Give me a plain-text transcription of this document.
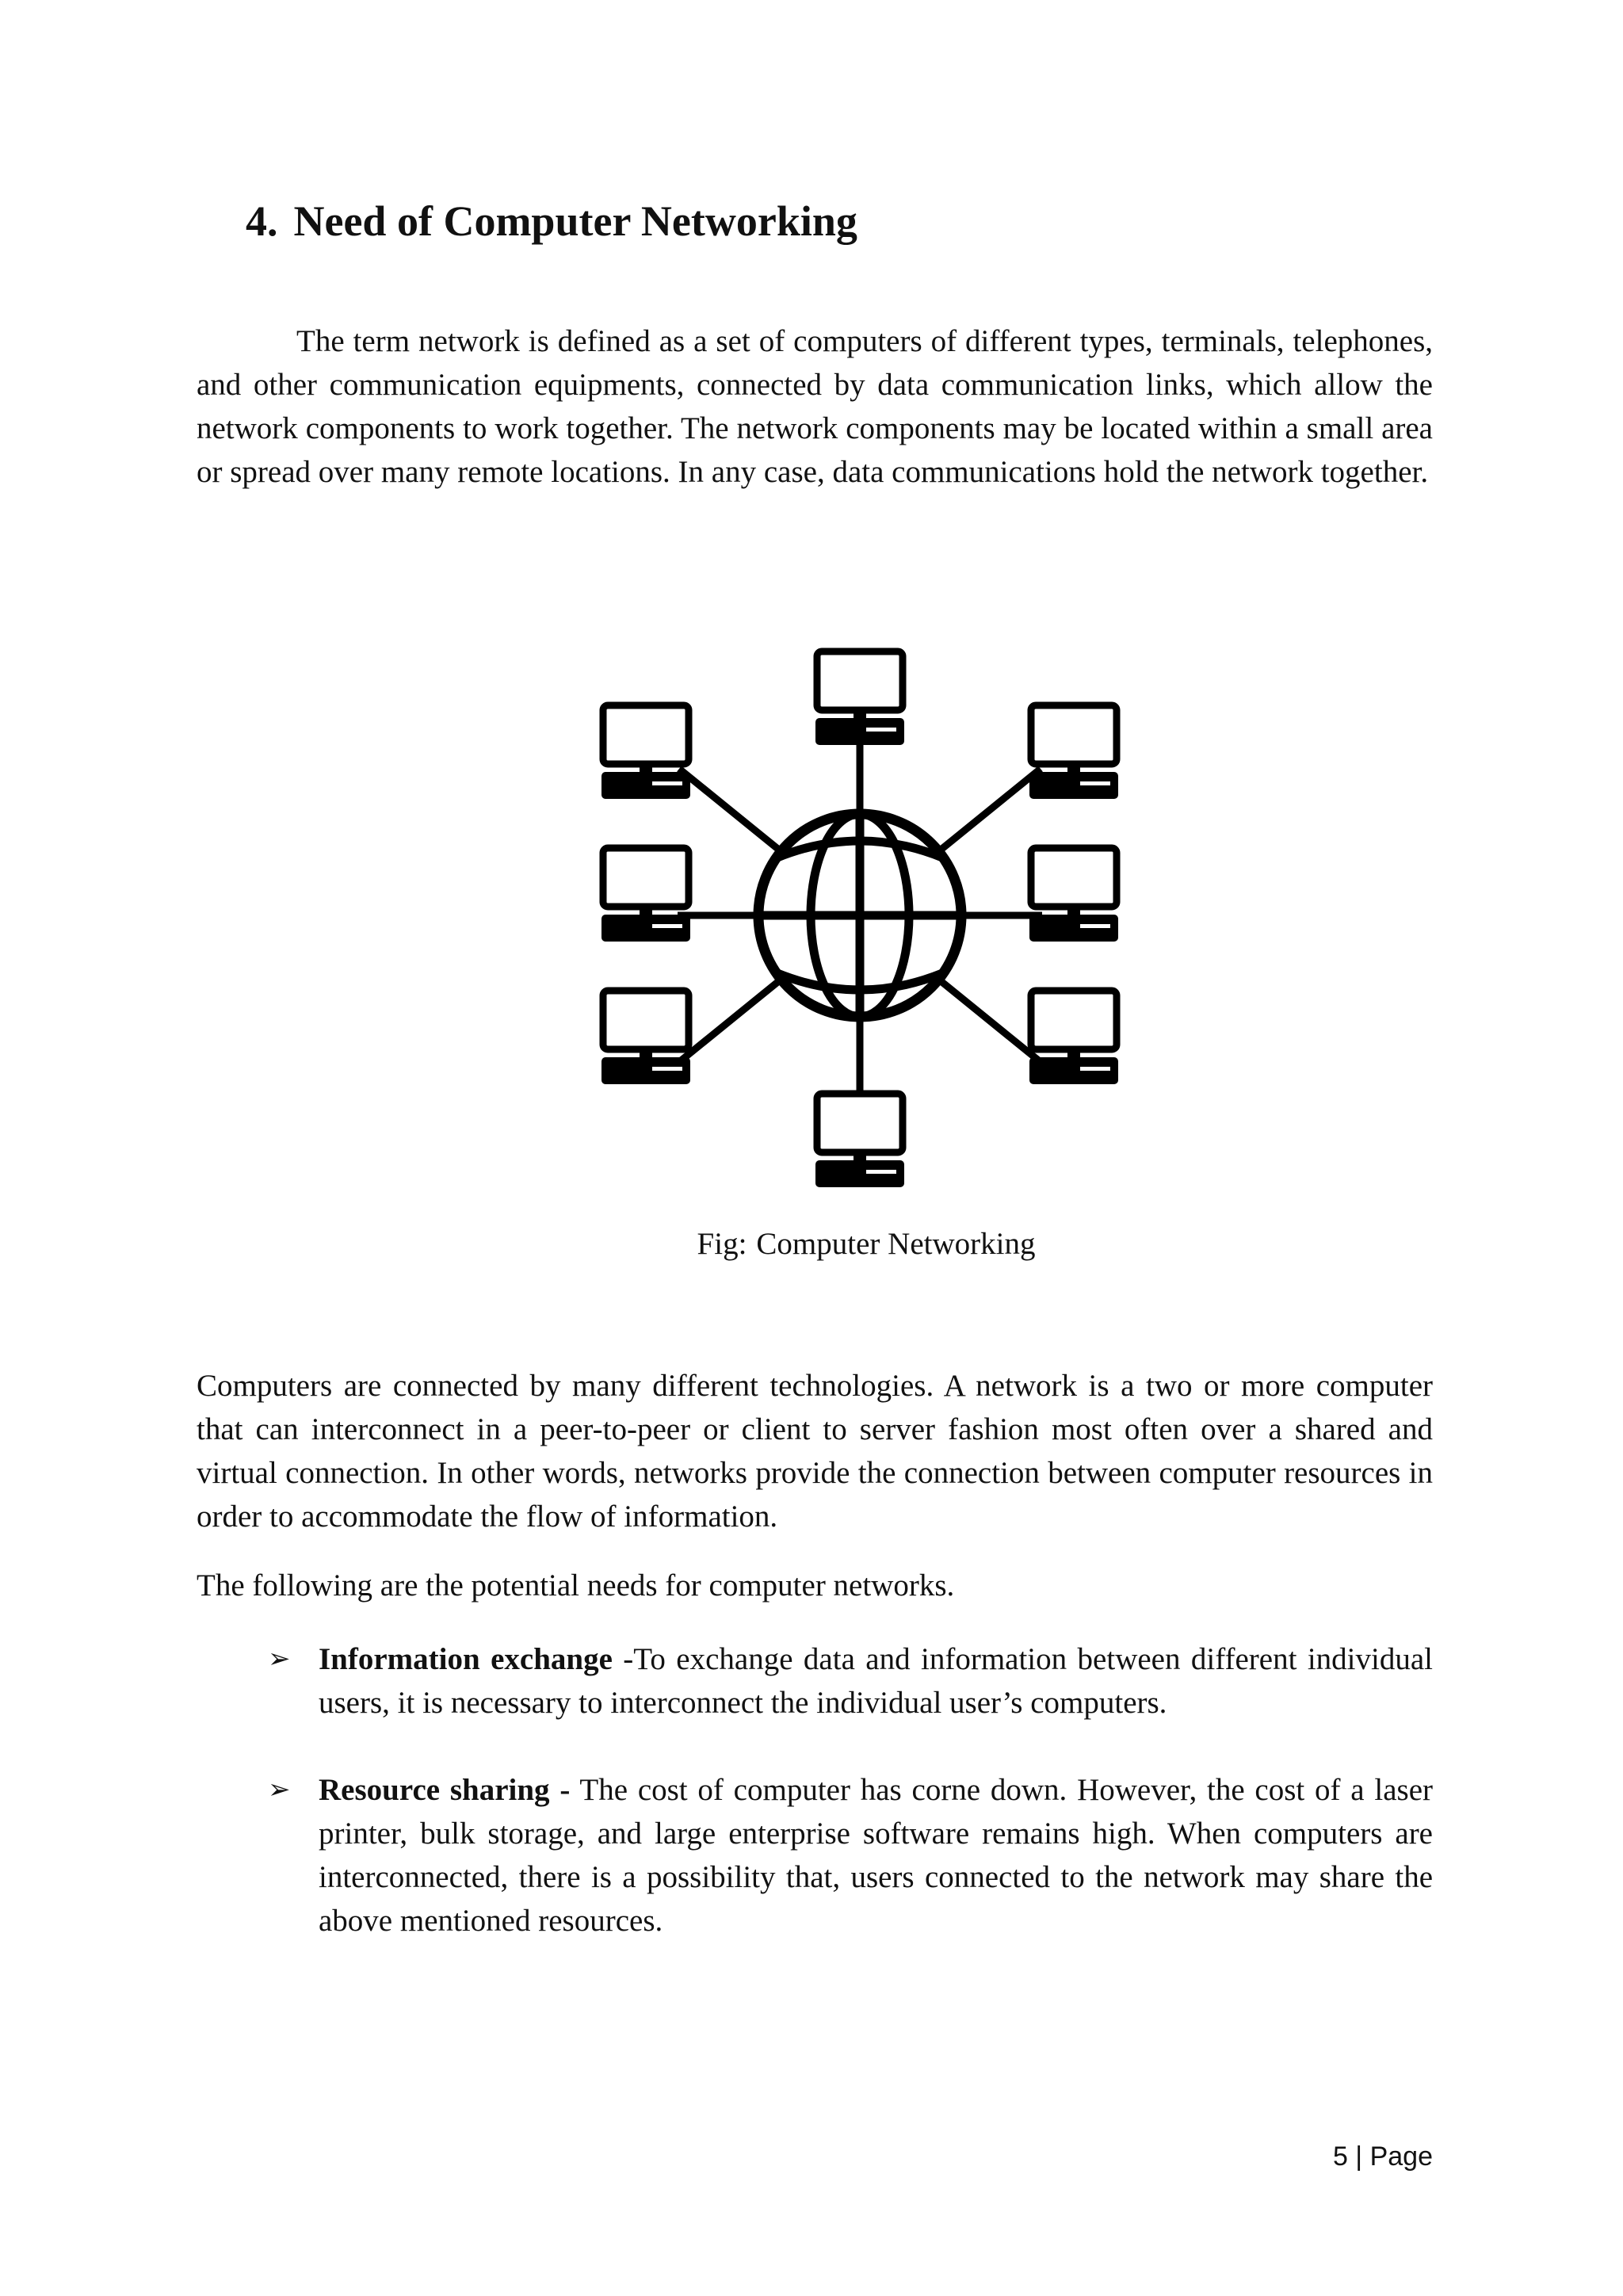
4. Need of Computer Networking

The term network is defined as a set of computers of different types, terminals, telephones, and other communication equipments, connected by data communication links, which allow the network components to work together. The network components may be located within a small area or spread over many remote locations. In any case, data communications hold the network together.

Fig: Computer Networking

Computers are connected by many different technologies. A network is a two or more computer that can interconnect in a peer-to-peer or client to server fashion most often over a shared and virtual connection. In other words, networks provide the connection between computer resources in order to accommodate the flow of information.

The following are the potential needs for computer networks.

➢ Information exchange -To exchange data and information between different individual users, it is necessary to interconnect the individual user’s computers.
➢ Resource sharing - The cost of computer has corne down. However, the cost of a laser printer, bulk storage, and large enterprise software remains high. When computers are interconnected, there is a possibility that, users connected to the network may share the above mentioned resources.
5 | Page
